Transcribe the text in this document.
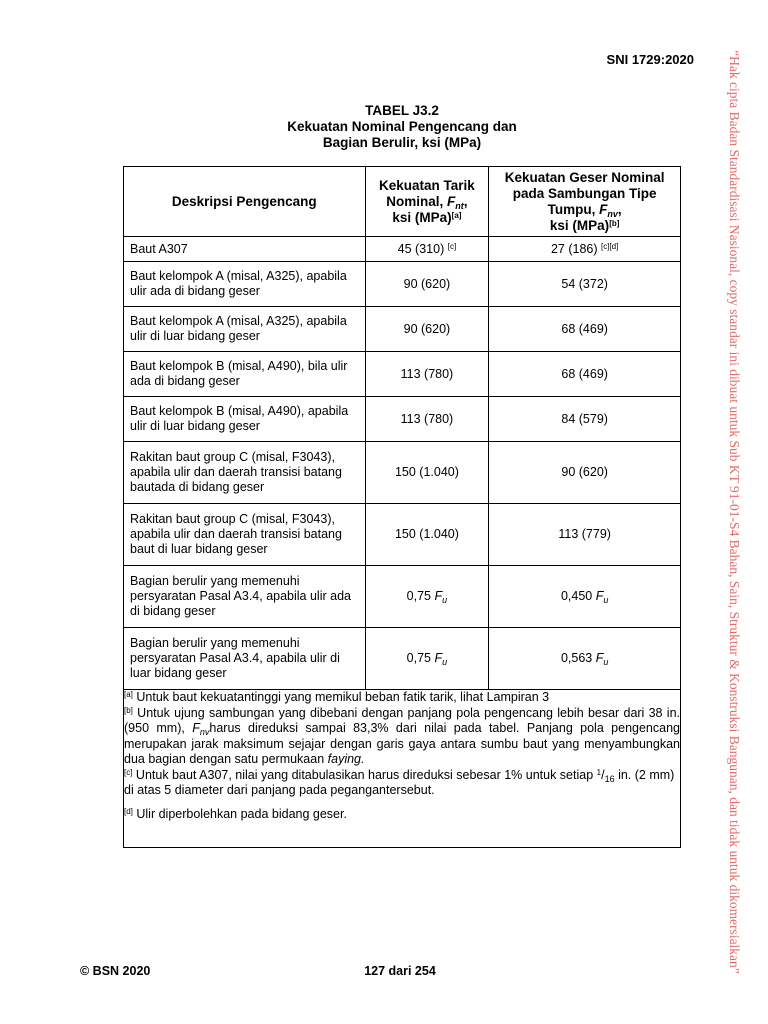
SNI 1729:2020
TABEL J3.2
Kekuatan Nominal Pengencang dan
Bagian Berulir, ksi (MPa)
Deskripsi Pengencang	Kekuatan Tarik
Nominal, $F_{nt}$,
ksi (MPa)[a]	Kekuatan Geser Nominal
pada Sambungan Tipe
Tumpu, $F_{nv}$,
ksi (MPa)[b]
Baut A307	45 (310) [c]	27 (186) [c][d]
Baut kelompok A (misal, A325), apabila ulir ada di bidang geser	90 (620)	54 (372)
Baut kelompok A (misal, A325), apabila ulir di luar bidang geser	90 (620)	68 (469)
Baut kelompok B (misal, A490), bila ulir ada di bidang geser	113 (780)	68 (469)
Baut kelompok B (misal, A490), apabila ulir di luar bidang geser	113 (780)	84 (579)
Rakitan baut group C (misal, F3043), apabila ulir dan daerah transisi batang bautada di bidang geser	150 (1.040)	90 (620)
Rakitan baut group C (misal, F3043), apabila ulir dan daerah transisi batang baut di luar bidang geser	150 (1.040)	113 (779)
Bagian berulir yang memenuhi persyaratan Pasal A3.4, apabila ulir ada di bidang geser	0,75 $F_u$	0,450 $F_u$
Bagian berulir yang memenuhi persyaratan Pasal A3.4, apabila ulir di luar bidang geser	0,75 $F_u$	0,563 $F_u$

[a] Untuk baut kekuatantinggi yang memikul beban fatik tarik, lihat Lampiran 3

[b] Untuk ujung sambungan yang dibebani dengan panjang pola pengencang lebih besar dari 38 in. (950 mm), $F_{nv}harus$ direduksi sampai 83,3% dari nilai pada tabel. Panjang pola pengencang merupakan jarak maksimum sejajar dengan garis gaya antara sumbu baut yang menyambungkan dua bagian dengan satu permukaan faying.

[c] Untuk baut A307, nilai yang ditabulasikan harus direduksi sebesar 1% untuk setiap $^1/_{16}$ in. (2 mm) di atas 5 diameter dari panjang pada pegangantersebut.

[d] Ulir diperbolehkan pada bidang geser.		

© BSN 2020	127 dari 254	“Hak cipta Badan Standardisasi Nasional, copy standar ini dibuat untuk Sub KT 91-01-S4 Bahan, Sain, Struktur & Konstruksi Bangunan, dan tidak untuk dikomersialkan”
